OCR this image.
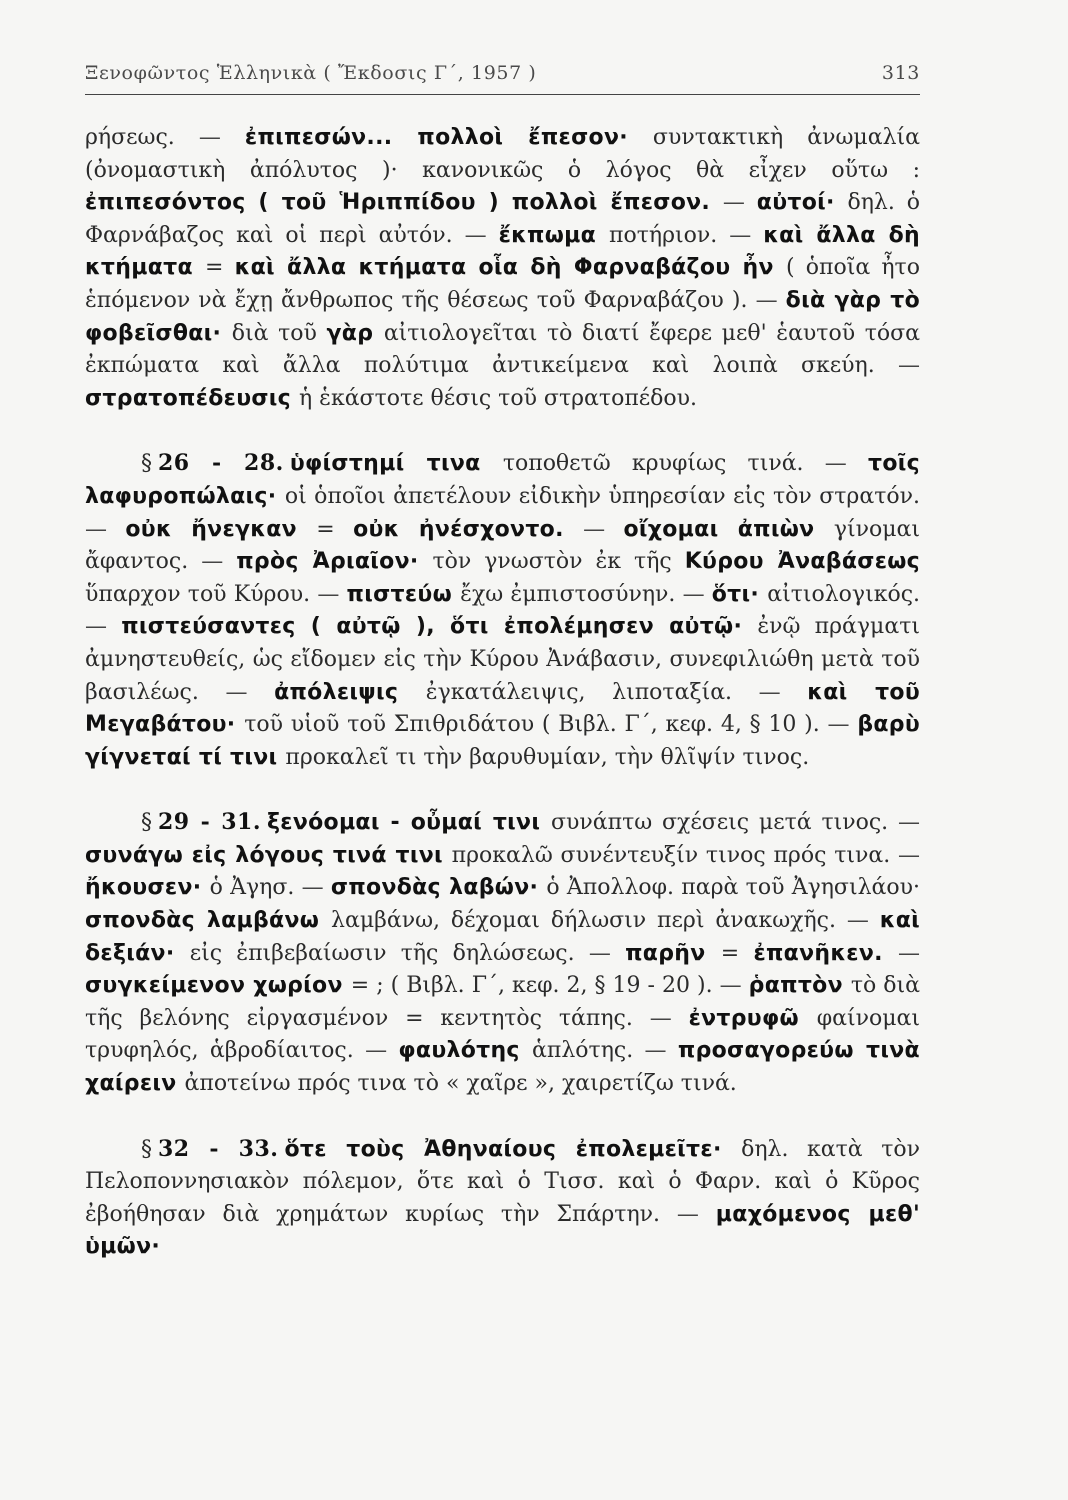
Ξενοφῶντος Ἑλληνικὰ ( Ἔκδοσις Γ΄, 1957 )	313

ρήσεως. — ἐπιπεσών... πολλοὶ ἔπεσον· συντακτικὴ ἀνωμαλία (ὀνομαστικὴ ἀπόλυτος )· κανονικῶς ὁ λόγος θὰ εἶχεν οὕτω : ἐπιπεσόντος ( τοῦ Ἡριππίδου ) πολλοὶ ἔπεσον. — αὐτοί· δηλ. ὁ Φαρνάβαζος καὶ οἱ περὶ αὐτόν. — ἔκπωμα ποτήριον. — καὶ ἄλλα δὴ κτήματα = καὶ ἄλλα κτήματα οἷα δὴ Φαρναβάζου ἦν ( ὁποῖα ἦτο ἑπόμενον νὰ ἔχῃ ἄνθρωπος τῆς θέσεως τοῦ Φαρναβάζου ). — διὰ γὰρ τὸ φοβεῖσθαι· διὰ τοῦ γὰρ αἰτιολογεῖται τὸ διατί ἔφερε μεθ' ἑαυτοῦ τόσα ἐκπώματα καὶ ἄλλα πολύτιμα ἀντικείμενα καὶ λοιπὰ σκεύη. — στρατοπέδευσις ἡ ἑκάστοτε θέσις τοῦ στρατοπέδου.

§ 26 - 28. ὑφίστημί τινα τοποθετῶ κρυφίως τινά. — τοῖς λαφυροπώλαις· οἱ ὁποῖοι ἀπετέλουν εἰδικὴν ὑπηρεσίαν εἰς τὸν στρατόν. — οὐκ ἤνεγκαν = οὐκ ἠνέσχοντο. — οἴχομαι ἀπιὼν γίνομαι ἄφαντος. — πρὸς Ἀριαῖον· τὸν γνωστὸν ἐκ τῆς Κύρου Ἀναβάσεως ὕπαρχον τοῦ Κύρου. — πιστεύω ἔχω ἐμπιστοσύνην. — ὅτι· αἰτιολογικός. — πιστεύσαντες ( αὐτῷ ), ὅτι ἐπολέμησεν αὐτῷ· ἐνῷ πράγματι ἀμνηστευθείς, ὡς εἴδομεν εἰς τὴν Κύρου Ἀνάβασιν, συνεφιλιώθη μετὰ τοῦ βασιλέως. — ἀπόλειψις ἐγκατάλειψις, λιποταξία. — καὶ τοῦ Μεγαβάτου· τοῦ υἱοῦ τοῦ Σπιθριδάτου ( Βιβλ. Γ΄, κεφ. 4, § 10 ). — βαρὺ γίγνεταί τί τινι προκαλεῖ τι τὴν βαρυθυμίαν, τὴν θλῖψίν τινος.

§ 29 - 31. ξενόομαι - οὖμαί τινι συνάπτω σχέσεις μετά τινος. — συνάγω εἰς λόγους τινά τινι προκαλῶ συνέντευξίν τινος πρός τινα. — ἤκουσεν· ὁ Ἀγησ. — σπονδὰς λαβών· ὁ Ἀπολλοφ. παρὰ τοῦ Ἀγησιλάου· σπονδὰς λαμβάνω λαμβάνω, δέχομαι δήλωσιν περὶ ἀνακωχῆς. — καὶ δεξιάν· εἰς ἐπιβεβαίωσιν τῆς δηλώσεως. — παρῆν = ἐπανῆκεν. — συγκείμενον χωρίον = ; ( Βιβλ. Γ΄, κεφ. 2, § 19 - 20 ). — ῥαπτὸν τὸ διὰ τῆς βελόνης εἰργασμένον = κεντητὸς τάπης. — ἐντρυφῶ φαίνομαι τρυφηλός, ἁβροδίαιτος. — φαυλότης ἁπλότης. — προσαγορεύω τινὰ χαίρειν ἀποτείνω πρός τινα τὸ « χαῖρε », χαιρετίζω τινά.

§ 32 - 33. ὅτε τοὺς Ἀθηναίους ἐπολεμεῖτε· δηλ. κατὰ τὸν Πελοποννησιακὸν πόλεμον, ὅτε καὶ ὁ Τισσ. καὶ ὁ Φαρν. καὶ ὁ Κῦρος ἐβοήθησαν διὰ χρημάτων κυρίως τὴν Σπάρτην. — μαχόμενος μεθ' ὑμῶν·
